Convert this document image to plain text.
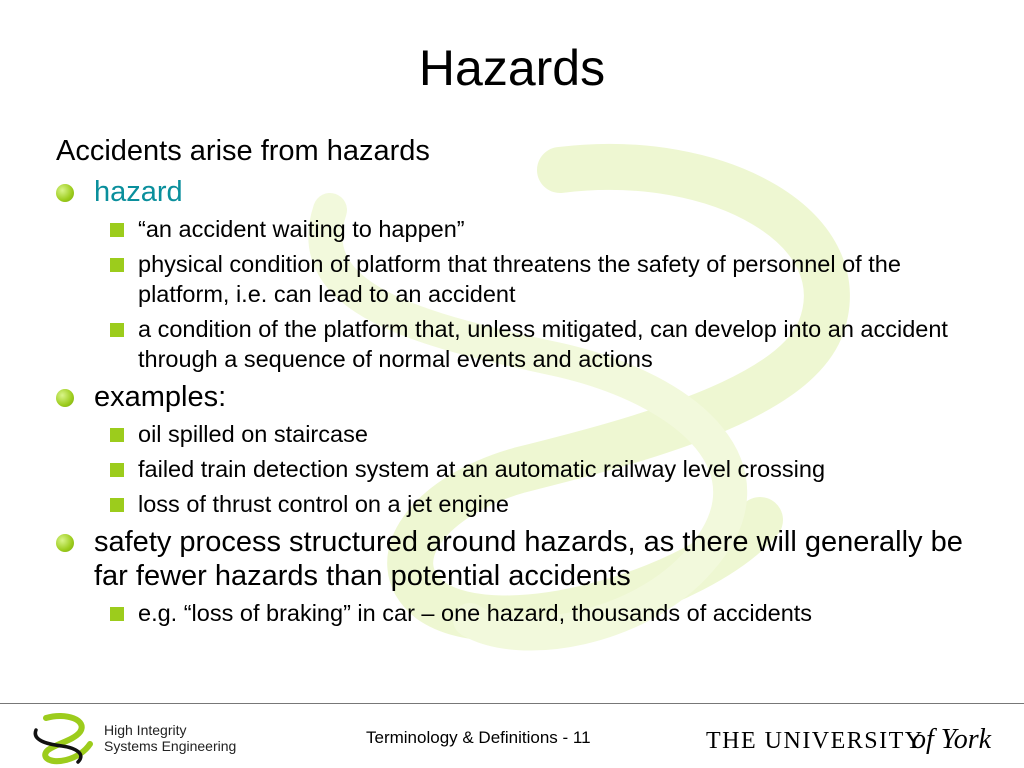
Hazards
Accidents arise from hazards
hazard
“an accident waiting to happen”
physical condition of platform that threatens the safety of personnel of the platform, i.e. can lead to an accident
a condition of the platform that, unless mitigated, can develop into an accident through a sequence of normal events and actions
examples:
oil spilled on staircase
failed train detection system at an automatic railway level crossing
loss of thrust control on a jet engine
safety process structured around hazards, as there will generally be far fewer hazards than potential accidents
e.g. “loss of braking” in car – one hazard, thousands of accidents
High Integrity
Systems Engineering	Terminology & Definitions - 11	THE UNIVERSITY
of York
